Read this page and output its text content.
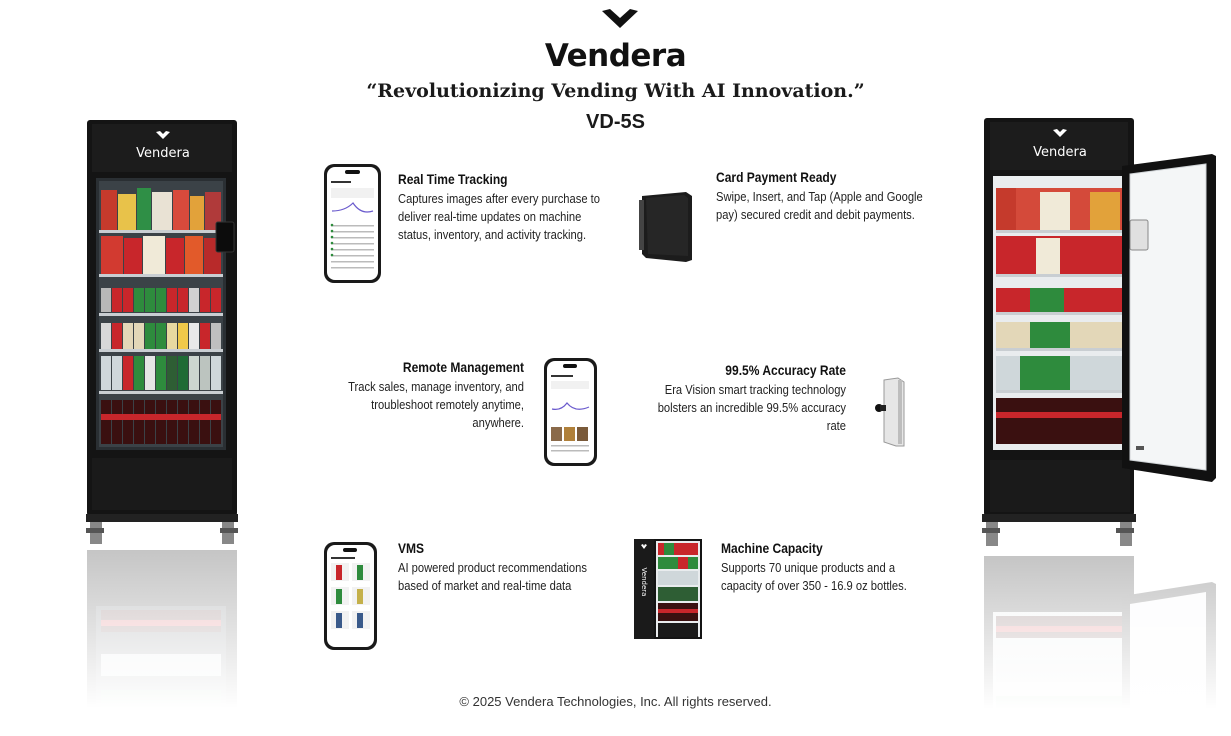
Vendera
“Revolutionizing Vending With AI Innovation.”
VD-5S
Vendera	Vendera
Vendera
Real Time Tracking
Captures images after every purchase to deliver real-time updates on machine status, inventory, and activity tracking.
Card Payment Ready
Swipe, Insert, and Tap (Apple and Google pay) secured credit and debit payments.
Remote Management
Track sales, manage inventory, and troubleshoot remotely anytime, anywhere.
99.5% Accuracy Rate
Era Vision smart tracking technology bolsters an incredible 99.5% accuracy rate
VMS
AI powered product recommendations based of market and real-time data
Machine Capacity
Supports 70 unique products and a capacity of over 350 - 16.9 oz bottles.
© 2025 Vendera Technologies, Inc. All rights reserved.
